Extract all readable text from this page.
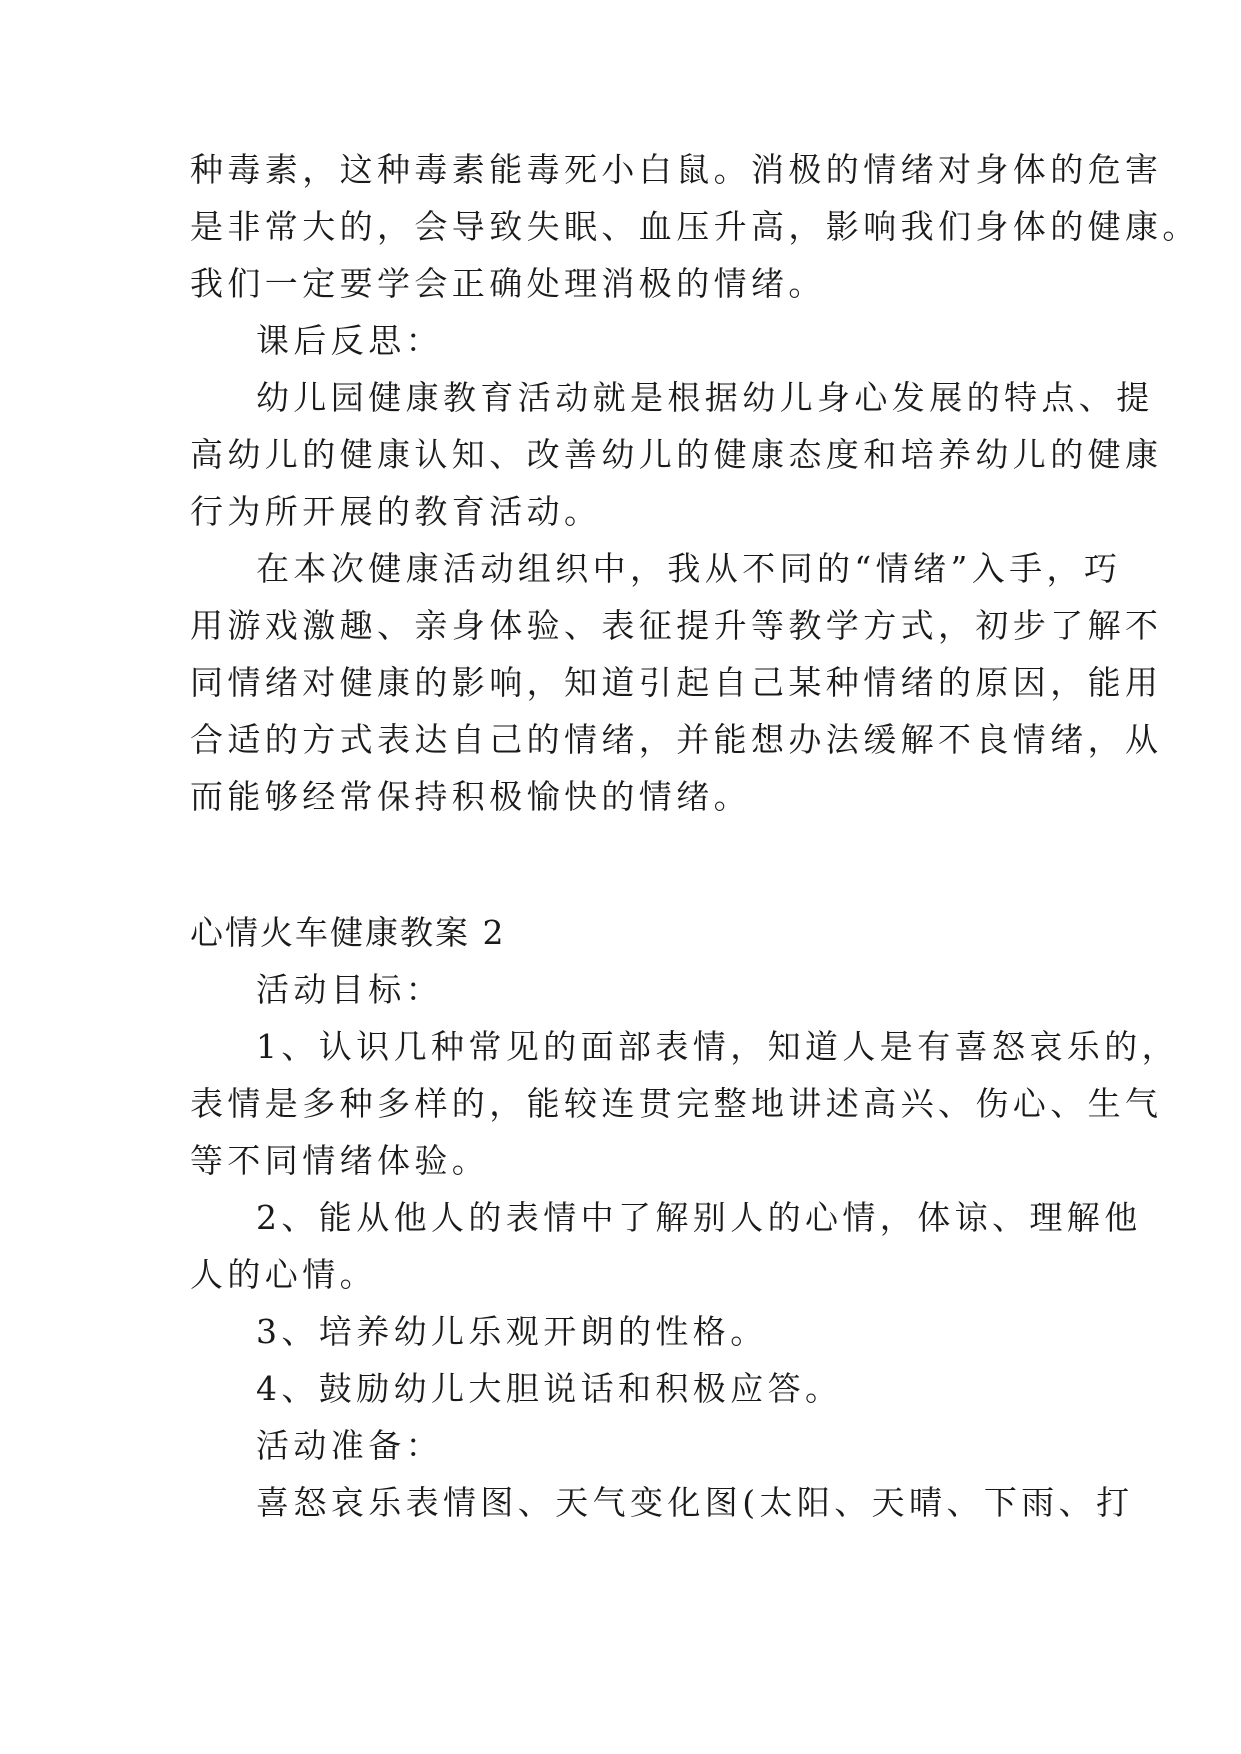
种毒素，这种毒素能毒死小白鼠。消极的情绪对身体的危害
是非常大的，会导致失眠、血压升高，影响我们身体的健康。
我们一定要学会正确处理消极的情绪。
课后反思：
幼儿园健康教育活动就是根据幼儿身心发展的特点、提
高幼儿的健康认知、改善幼儿的健康态度和培养幼儿的健康
行为所开展的教育活动。
在本次健康活动组织中，我从不同的“情绪”入手，巧
用游戏激趣、亲身体验、表征提升等教学方式，初步了解不
同情绪对健康的影响，知道引起自己某种情绪的原因，能用
合适的方式表达自己的情绪，并能想办法缓解不良情绪，从
而能够经常保持积极愉快的情绪。
心情火车健康教案 2
活动目标：
1、认识几种常见的面部表情，知道人是有喜怒哀乐的，
表情是多种多样的，能较连贯完整地讲述高兴、伤心、生气
等不同情绪体验。
2、能从他人的表情中了解别人的心情，体谅、理解他
人的心情。
3、培养幼儿乐观开朗的性格。
4、鼓励幼儿大胆说话和积极应答。
活动准备：
喜怒哀乐表情图、天气变化图(太阳、天晴、下雨、打
